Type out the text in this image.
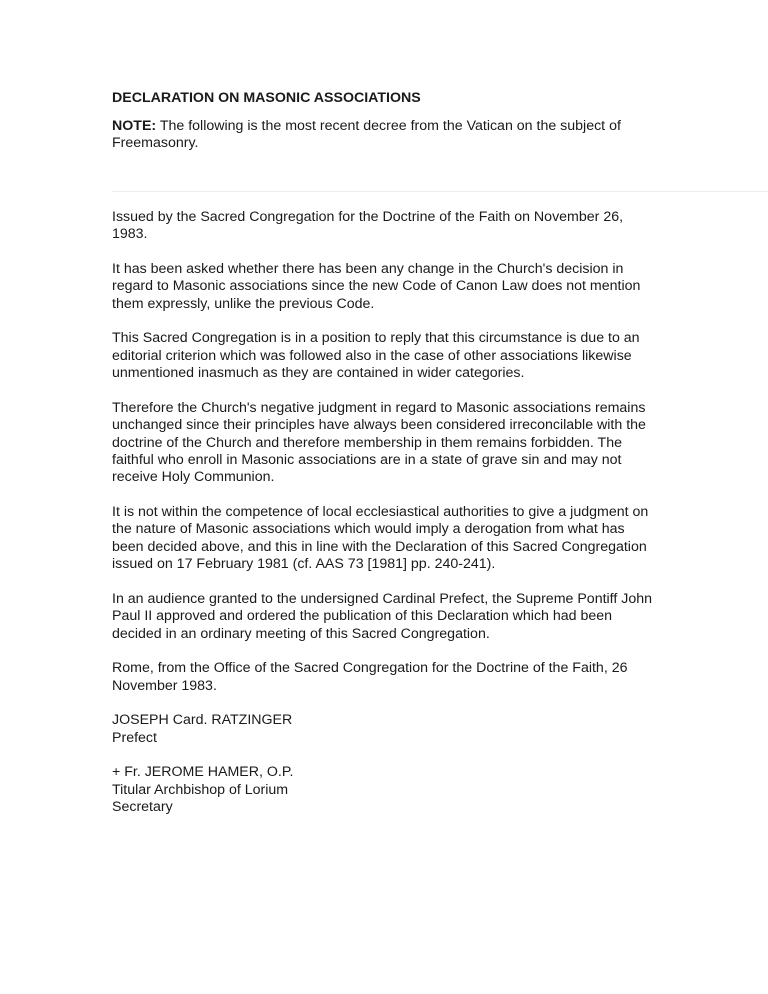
DECLARATION ON MASONIC ASSOCIATIONS

NOTE: The following is the most recent decree from the Vatican on the subject of Freemasonry.

Issued by the Sacred Congregation for the Doctrine of the Faith on November 26, 1983.

It has been asked whether there has been any change in the Church's decision in regard to Masonic associations since the new Code of Canon Law does not mention them expressly, unlike the previous Code.

This Sacred Congregation is in a position to reply that this circumstance is due to an editorial criterion which was followed also in the case of other associations likewise unmentioned inasmuch as they are contained in wider categories.

Therefore the Church's negative judgment in regard to Masonic associations remains unchanged since their principles have always been considered irreconcilable with the doctrine of the Church and therefore membership in them remains forbidden. The faithful who enroll in Masonic associations are in a state of grave sin and may not receive Holy Communion.

It is not within the competence of local ecclesiastical authorities to give a judgment on the nature of Masonic associations which would imply a derogation from what has been decided above, and this in line with the Declaration of this Sacred Congregation issued on 17 February 1981 (cf. AAS 73 [1981] pp. 240-241).

In an audience granted to the undersigned Cardinal Prefect, the Supreme Pontiff John Paul II approved and ordered the publication of this Declaration which had been decided in an ordinary meeting of this Sacred Congregation.

Rome, from the Office of the Sacred Congregation for the Doctrine of the Faith, 26 November 1983.

JOSEPH Card. RATZINGER
Prefect

+ Fr. JEROME HAMER, O.P.
Titular Archbishop of Lorium
Secretary
